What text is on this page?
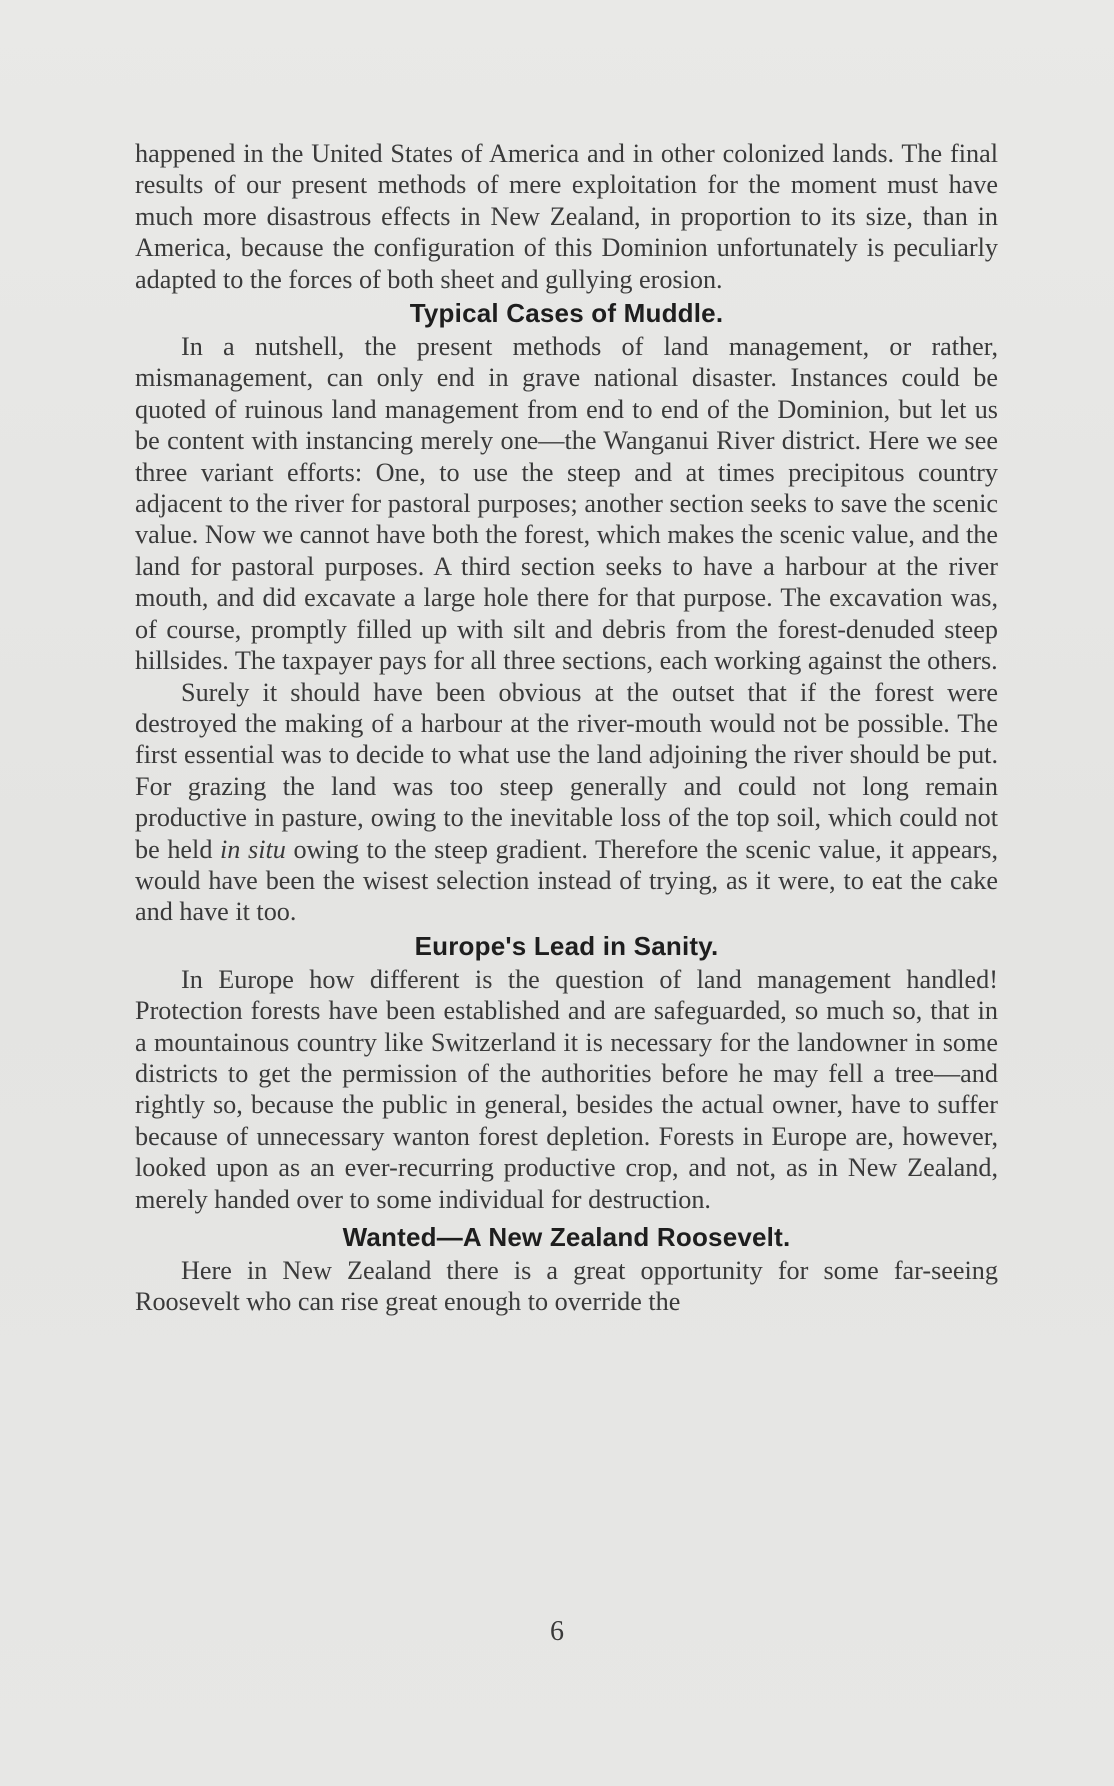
happened in the United States of America and in other colonized lands. The final results of our present methods of mere exploitation for the moment must have much more disastrous effects in New Zealand, in proportion to its size, than in America, because the configuration of this Dominion unfortunately is peculiarly adapted to the forces of both sheet and gullying erosion.

Typical Cases of Muddle.

In a nutshell, the present methods of land management, or rather, mismanagement, can only end in grave national disaster. Instances could be quoted of ruinous land management from end to end of the Dominion, but let us be content with instancing merely one—the Wanganui River district. Here we see three variant efforts: One, to use the steep and at times precipitous country adjacent to the river for pastoral purposes; another section seeks to save the scenic value. Now we cannot have both the forest, which makes the scenic value, and the land for pastoral purposes. A third section seeks to have a harbour at the river mouth, and did excavate a large hole there for that purpose. The excavation was, of course, promptly filled up with silt and debris from the forest-denuded steep hillsides. The taxpayer pays for all three sections, each working against the others.

Surely it should have been obvious at the outset that if the forest were destroyed the making of a harbour at the river-mouth would not be possible. The first essential was to decide to what use the land adjoining the river should be put. For grazing the land was too steep generally and could not long remain productive in pasture, owing to the inevitable loss of the top soil, which could not be held in situ owing to the steep gradient. Therefore the scenic value, it appears, would have been the wisest selection instead of trying, as it were, to eat the cake and have it too.

Europe's Lead in Sanity.

In Europe how different is the question of land management handled! Protection forests have been established and are safeguarded, so much so, that in a mountainous country like Switzerland it is necessary for the landowner in some districts to get the permission of the authorities before he may fell a tree—and rightly so, because the public in general, besides the actual owner, have to suffer because of unnecessary wanton forest depletion. Forests in Europe are, however, looked upon as an ever-recurring productive crop, and not, as in New Zealand, merely handed over to some individual for destruction.

Wanted—A New Zealand Roosevelt.

Here in New Zealand there is a great opportunity for some far-seeing Roosevelt who can rise great enough to override the

6
